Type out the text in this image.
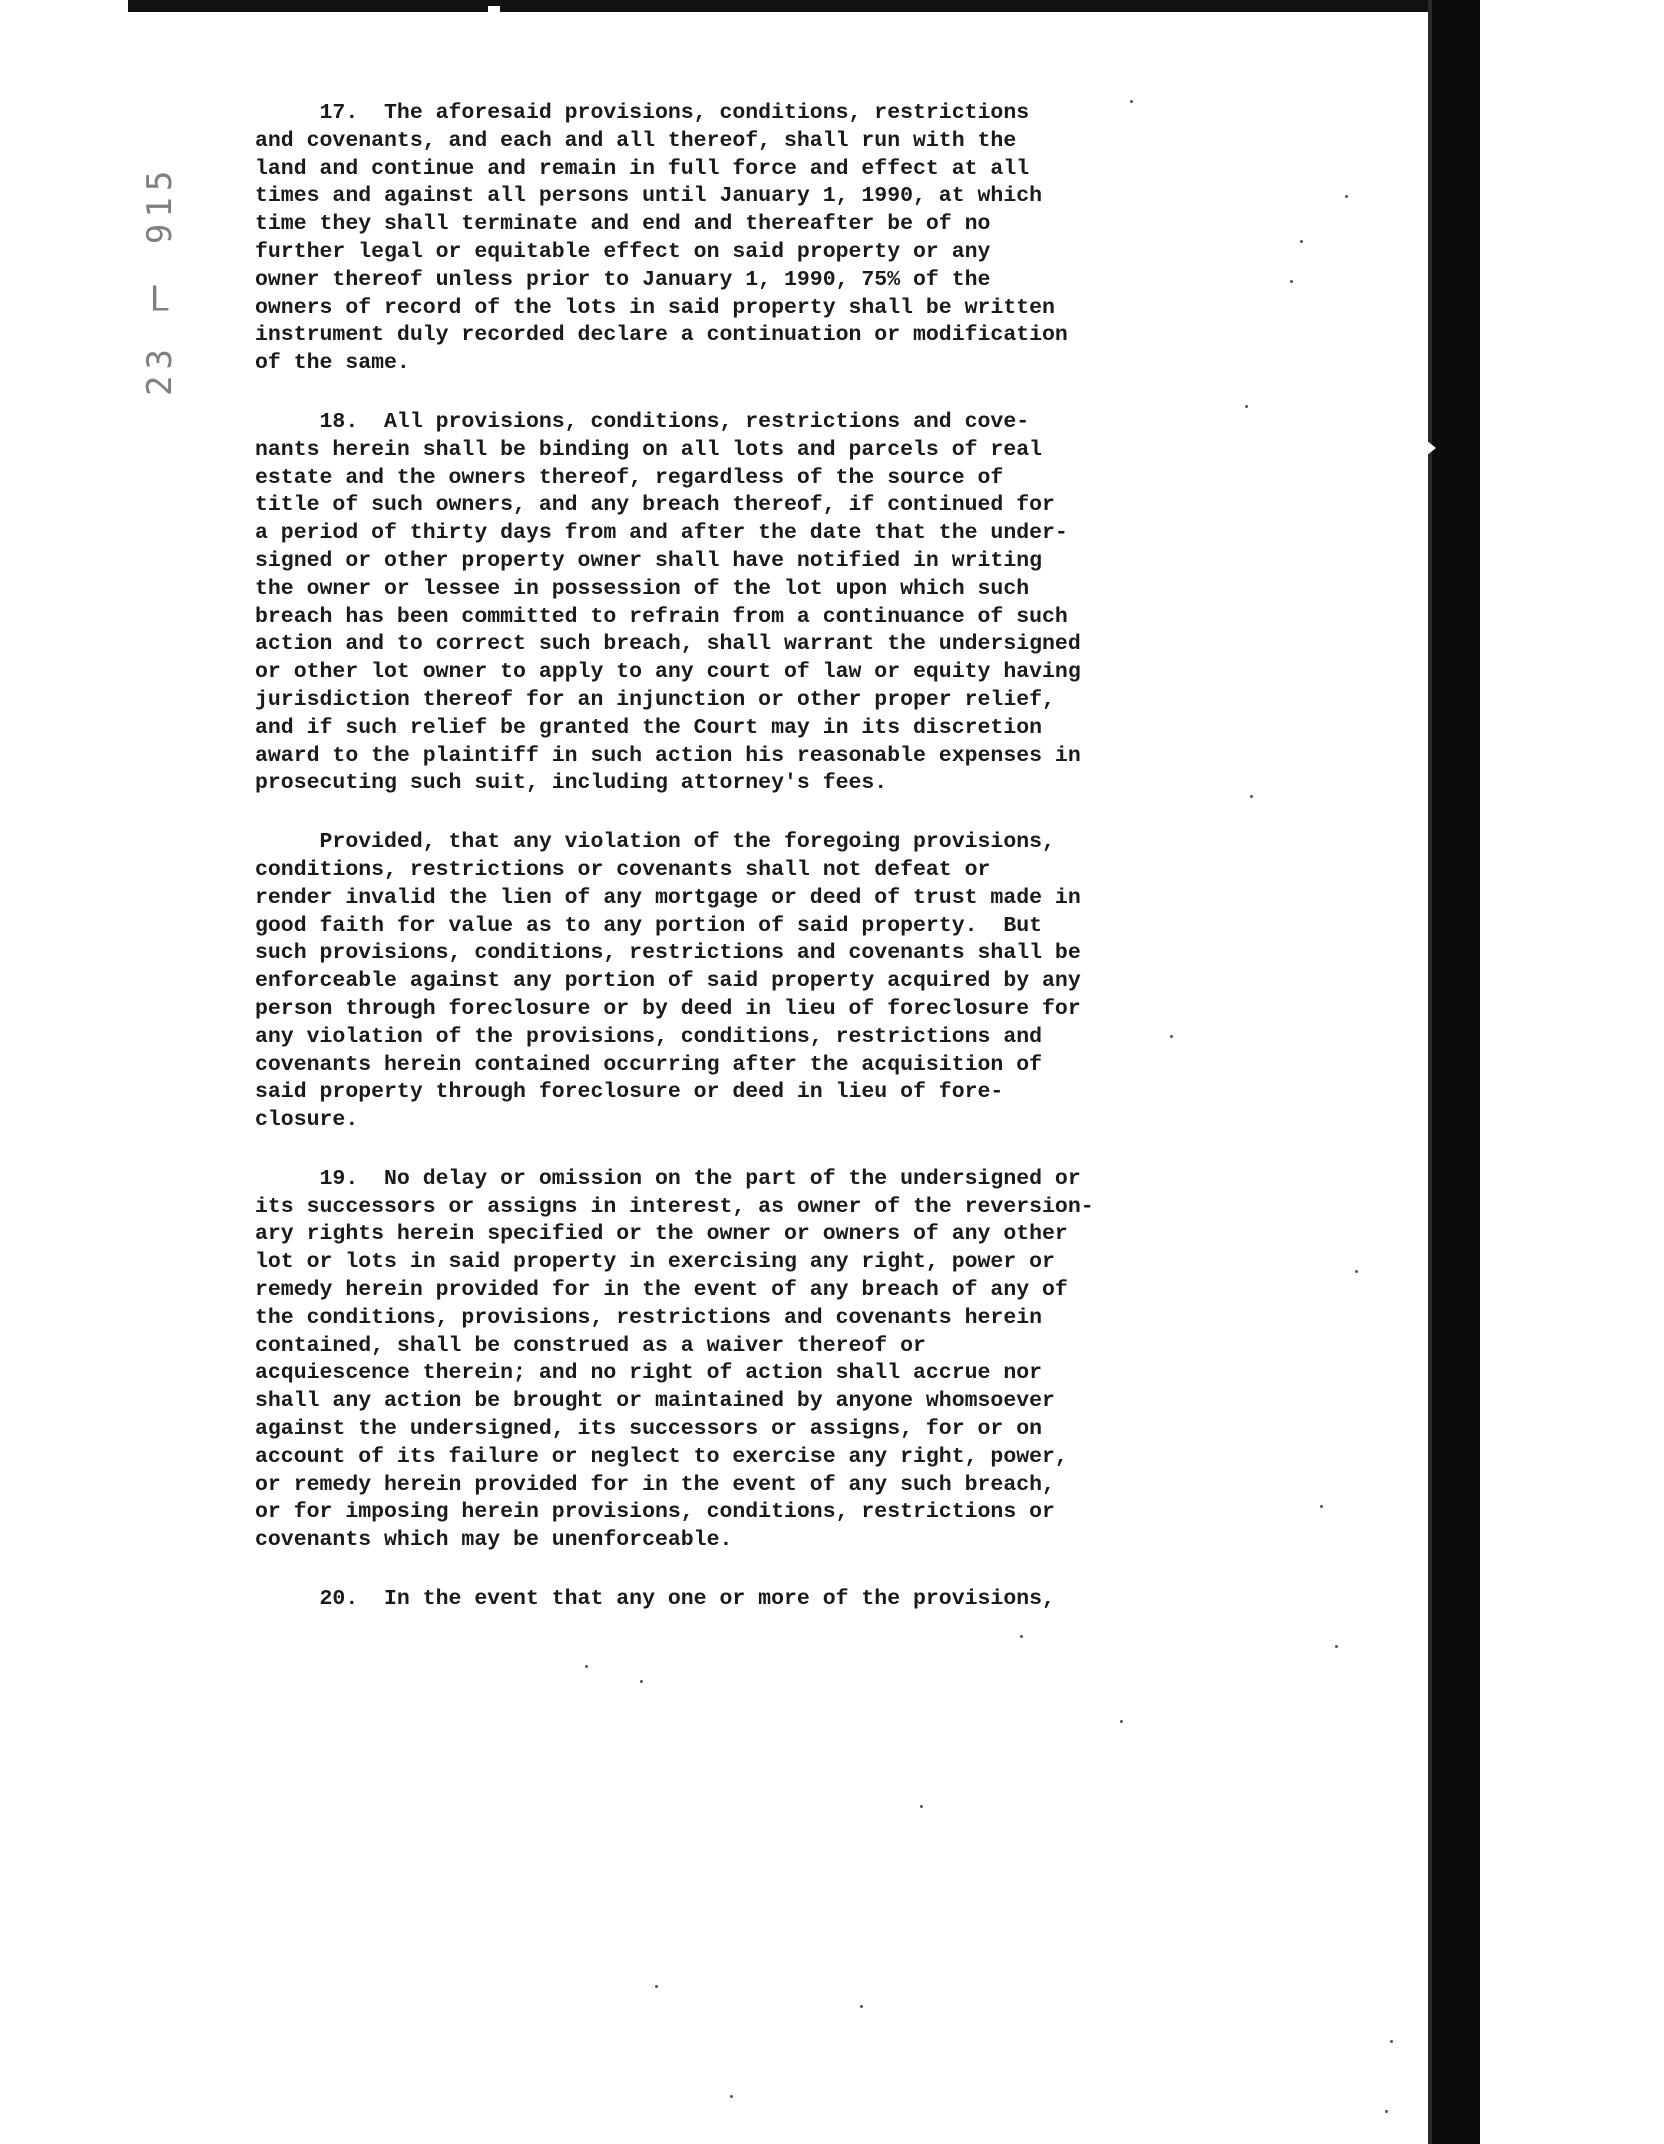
23 ᒣ 915
17.  The aforesaid provisions, conditions, restrictions
and covenants, and each and all thereof, shall run with the
land and continue and remain in full force and effect at all
times and against all persons until January 1, 1990, at which
time they shall terminate and end and thereafter be of no
further legal or equitable effect on said property or any
owner thereof unless prior to January 1, 1990, 75% of the
owners of record of the lots in said property shall be written
instrument duly recorded declare a continuation or modification
of the same.
18.  All provisions, conditions, restrictions and cove-
nants herein shall be binding on all lots and parcels of real
estate and the owners thereof, regardless of the source of
title of such owners, and any breach thereof, if continued for
a period of thirty days from and after the date that the under-
signed or other property owner shall have notified in writing
the owner or lessee in possession of the lot upon which such
breach has been committed to refrain from a continuance of such
action and to correct such breach, shall warrant the undersigned
or other lot owner to apply to any court of law or equity having
jurisdiction thereof for an injunction or other proper relief,
and if such relief be granted the Court may in its discretion
award to the plaintiff in such action his reasonable expenses in
prosecuting such suit, including attorney's fees.
Provided, that any violation of the foregoing provisions,
conditions, restrictions or covenants shall not defeat or
render invalid the lien of any mortgage or deed of trust made in
good faith for value as to any portion of said property.  But
such provisions, conditions, restrictions and covenants shall be
enforceable against any portion of said property acquired by any
person through foreclosure or by deed in lieu of foreclosure for
any violation of the provisions, conditions, restrictions and
covenants herein contained occurring after the acquisition of
said property through foreclosure or deed in lieu of fore-
closure.
19.  No delay or omission on the part of the undersigned or
its successors or assigns in interest, as owner of the reversion-
ary rights herein specified or the owner or owners of any other
lot or lots in said property in exercising any right, power or
remedy herein provided for in the event of any breach of any of
the conditions, provisions, restrictions and covenants herein
contained, shall be construed as a waiver thereof or
acquiescence therein; and no right of action shall accrue nor
shall any action be brought or maintained by anyone whomsoever
against the undersigned, its successors or assigns, for or on
account of its failure or neglect to exercise any right, power,
or remedy herein provided for in the event of any such breach,
or for imposing herein provisions, conditions, restrictions or
covenants which may be unenforceable.
20.  In the event that any one or more of the provisions,
